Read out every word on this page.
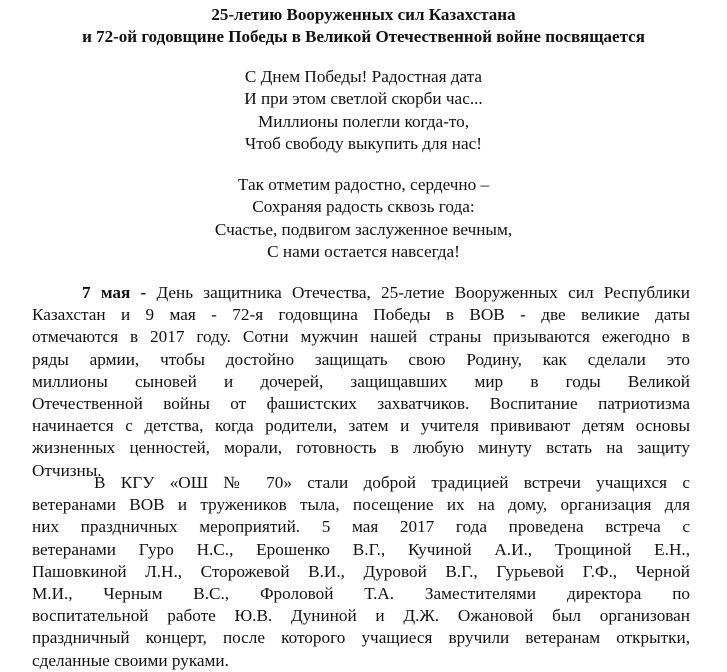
25-летию Вооруженных сил Казахстана
и 72-ой годовщине Победы в Великой Отечественной войне посвящается
С Днем Победы! Радостная дата
И при этом светлой скорби час...
Миллионы полегли когда-то,
Чтоб свободу выкупить для нас!
Так отметим радостно, сердечно –
Сохраняя радость сквозь года:
Счастье, подвигом заслуженное вечным,
С нами остается навсегда!
7 мая - День защитника Отечества, 25-летие Вооруженных сил Республики
Казахстан и 9 мая - 72-я годовщина Победы в ВОВ - две великие даты
отмечаются в 2017 году. Сотни мужчин нашей страны призываются ежегодно в
ряды армии, чтобы достойно защищать свою Родину, как сделали это
миллионы сыновей и дочерей, защищавших мир в годы Великой
Отечественной войны от фашистских захватчиков. Воспитание патриотизма
начинается с детства, когда родители, затем и учителя прививают детям основы
жизненных ценностей, морали, готовность в любую минуту встать на защиту
Отчизны.
В КГУ «ОШ № 70» стали доброй традицией встречи учащихся с
ветеранами ВОВ и тружеников тыла, посещение их на дому, организация для
них праздничных мероприятий. 5 мая 2017 года проведена встреча с
ветеранами Гуро Н.С., Ерошенко В.Г., Кучиной А.И., Трощиной Е.Н.,
Пашовкиной Л.Н., Сторожевой В.И., Дуровой В.Г., Гурьевой Г.Ф., Черной
М.И., Черным В.С., Фроловой Т.А. Заместителями директора по
воспитательной работе Ю.В. Дуниной и Д.Ж. Ожановой был организован
праздничный концерт, после которого учащиеся вручили ветеранам открытки,
сделанные своими руками.
